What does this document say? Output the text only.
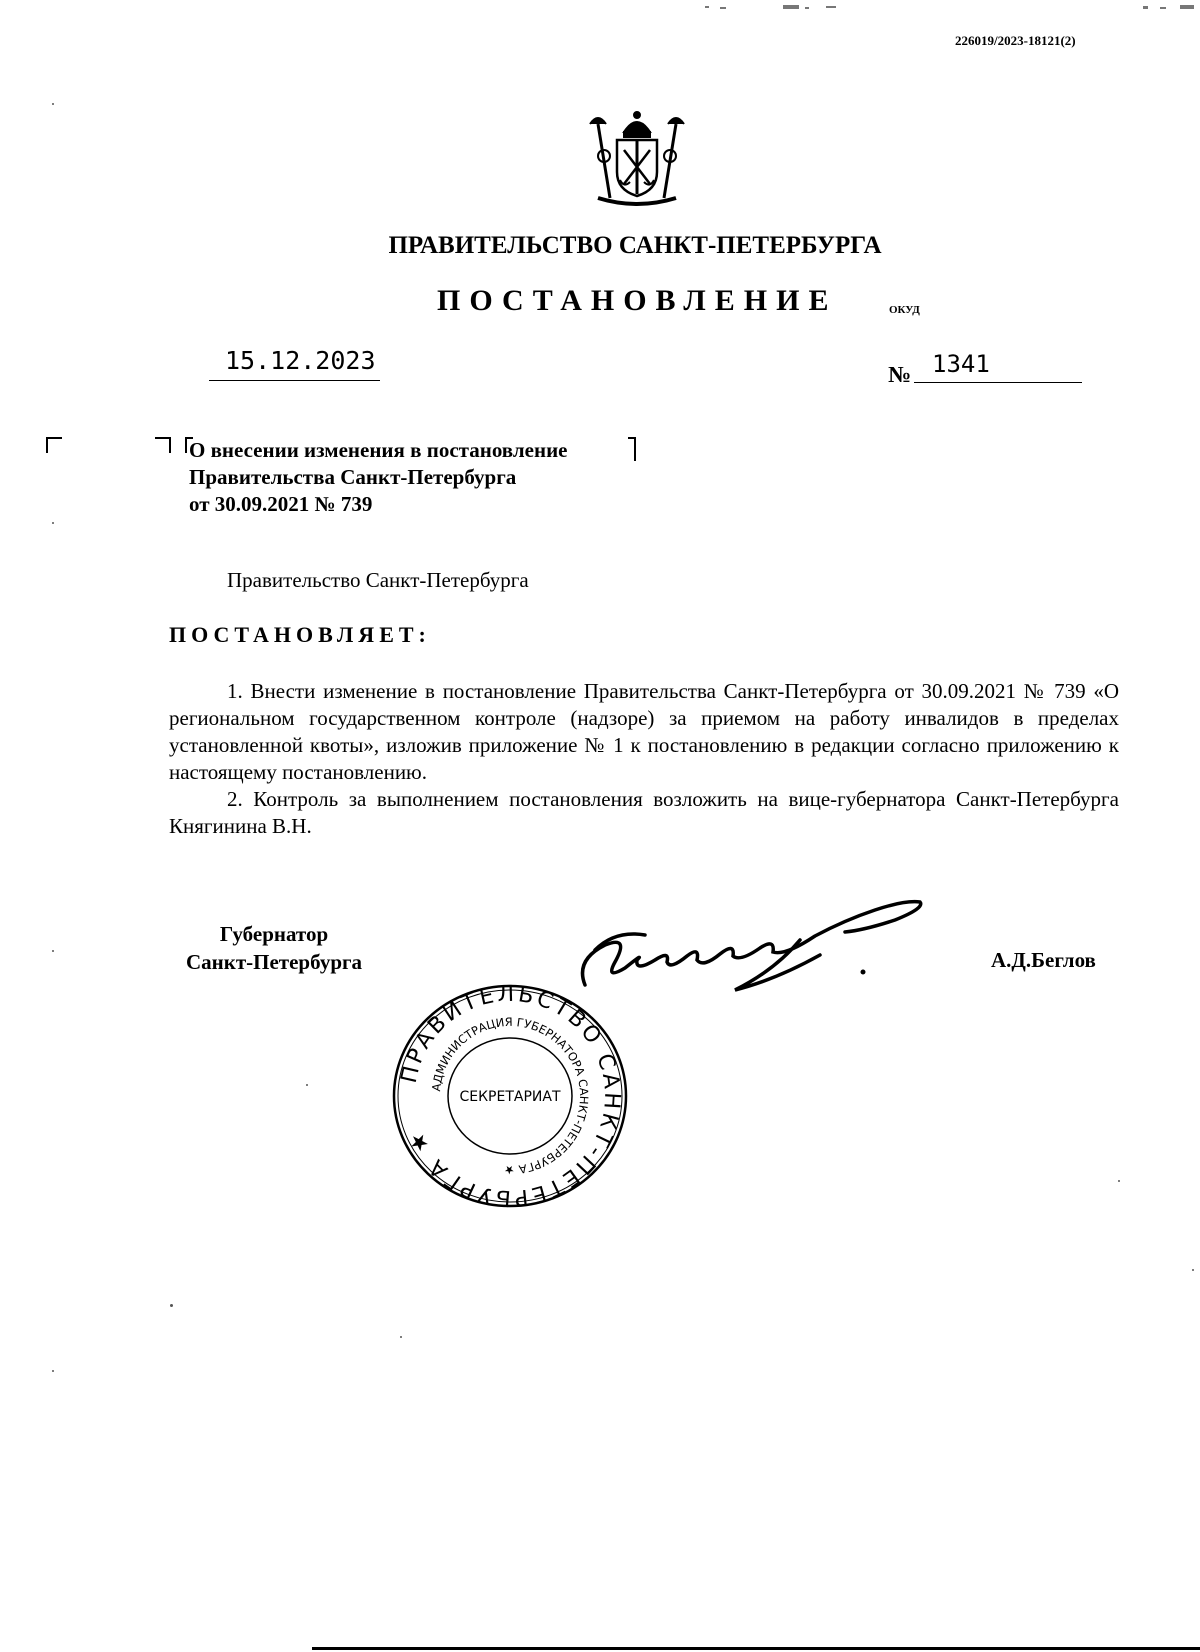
226019/2023-18121(2)
ПРАВИТЕЛЬСТВО САНКТ-ПЕТЕРБУРГА
ПОСТАНОВЛЕНИЕ	ОКУД
15.12.2023	№ 1341
О внесении изменения в постановление
Правительства Санкт-Петербурга
от 30.09.2021 № 739
Правительство Санкт-Петербурга
ПОСТАНОВЛЯЕТ:

1. Внести изменение в постановление Правительства Санкт-Петербурга от 30.09.2021 № 739 «О региональном государственном контроле (надзоре) за приемом на работу инвалидов в пределах установленной квоты», изложив приложение № 1 к постановлению в редакции согласно приложению к настоящему постановлению.

2. Контроль за выполнением постановления возложить на вице-губернатора Санкт-Петербурга Княгинина В.Н.

Губернатор
Санкт-Петербурга	А.Д.Беглов
ПРАВИТЕЛЬСТВО САНКТ-ПЕТЕРБУРГА ★
АДМИНИСТРАЦИЯ ГУБЕРНАТОРА САНКТ-ПЕТЕРБУРГА ★
СЕКРЕТАРИАТ
